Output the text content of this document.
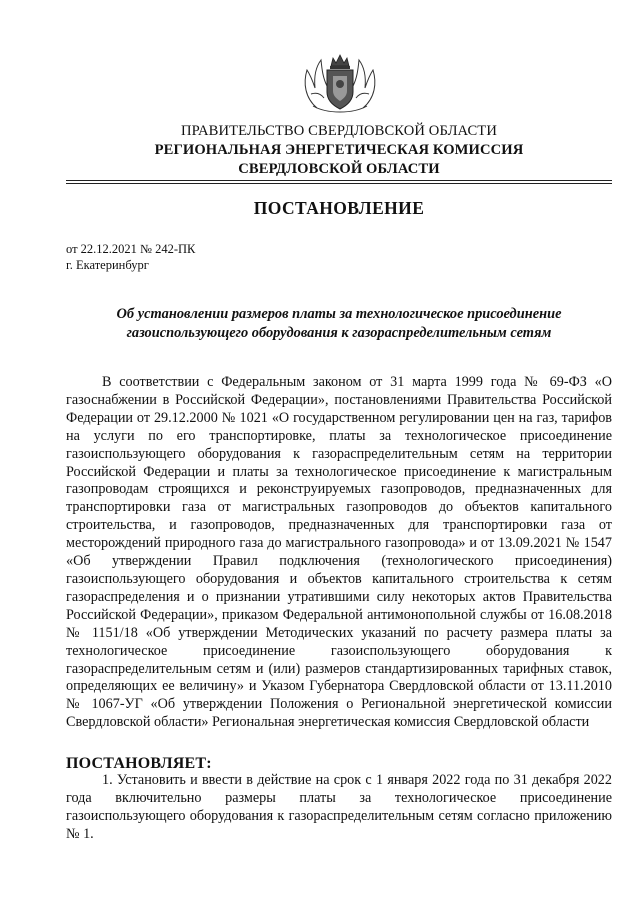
ПРАВИТЕЛЬСТВО СВЕРДЛОВСКОЙ ОБЛАСТИ
РЕГИОНАЛЬНАЯ ЭНЕРГЕТИЧЕСКАЯ КОМИССИЯ
СВЕРДЛОВСКОЙ ОБЛАСТИ
ПОСТАНОВЛЕНИЕ
от 22.12.2021 № 242-ПК
г. Екатеринбург
Об установлении размеров платы за технологическое присоединение
газоиспользующего оборудования к газораспределительным сетям

В соответствии с Федеральным законом от 31 марта 1999 года № 69-ФЗ «О газоснабжении в Российской Федерации», постановлениями Правительства Российской Федерации от 29.12.2000 № 1021 «О государственном регулировании цен на газ, тарифов на услуги по его транспортировке, платы за технологическое присоединение газоиспользующего оборудования к газораспределительным сетям на территории Российской Федерации и платы за технологическое присоединение к магистральным газопроводам строящихся и реконструируемых газопроводов, предназначенных для транспортировки газа от магистральных газопроводов до объектов капитального строительства, и газопроводов, предназначенных для транспортировки газа от месторождений природного газа до магистрального газопровода» и от 13.09.2021 № 1547 «Об утверждении Правил подключения (технологического присоединения) газоиспользующего оборудования и объектов капитального строительства к сетям газораспределения и о признании утратившими силу некоторых актов Правительства Российской Федерации», приказом Федеральной антимонопольной службы от 16.08.2018 № 1151/18 «Об утверждении Методических указаний по расчету размера платы за технологическое присоединение газоиспользующего оборудования к газораспределительным сетям и (или) размеров стандартизированных тарифных ставок, определяющих ее величину» и Указом Губернатора Свердловской области от 13.11.2010 № 1067-УГ «Об утверждении Положения о Региональной энергетической комиссии Свердловской области» Региональная энергетическая комиссия Свердловской области

ПОСТАНОВЛЯЕТ:

1. Установить и ввести в действие на срок с 1 января 2022 года по 31 декабря 2022 года включительно размеры платы за технологическое присоединение газоиспользующего оборудования к газораспределительным сетям согласно приложению № 1.
